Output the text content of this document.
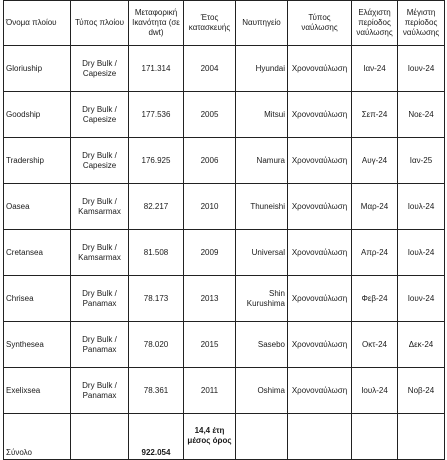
Όνομα πλοίου	Τύπος πλοίου	Μεταφορική Ικανότητα (σε dwt)	Έτος κατασκευής	Ναυπηγείο	Τύπος ναύλωσης	Ελάχιστη περίοδος ναύλωσης	Μέγιστη περίοδος ναύλωσης
Gloriuship	Dry Bulk / Capesize	171.314	2004	Hyundai	Χρονοναύλωση	Ιαν-24	Ιουν-24
Goodship	Dry Bulk / Capesize	177.536	2005	Mitsui	Χρονοναύλωση	Σεπ-24	Νοε-24
Tradership	Dry Bulk / Capesize	176.925	2006	Namura	Χρονοναύλωση	Αυγ-24	Ιαν-25
Oasea	Dry Bulk / Kamsarmax	82.217	2010	Thuneishi	Χρονοναύλωση	Μαρ-24	Ιουλ-24
Cretansea	Dry Bulk / Kamsarmax	81.508	2009	Universal	Χρονοναύλωση	Απρ-24	Ιουλ-24
Chrisea	Dry Bulk / Panamax	78.173	2013	Shin Kurushima	Χρονοναύλωση	Φεβ-24	Ιουν-24
Synthesea	Dry Bulk / Panamax	78.020	2015	Sasebo	Χρονοναύλωση	Οκτ-24	Δεκ-24
Exelixsea	Dry Bulk / Panamax	78.361	2011	Oshima	Χρονοναύλωση	Ιουλ-24	Νοβ-24
Σύνολο		922.054	14,4 έτη μέσος όρος				
